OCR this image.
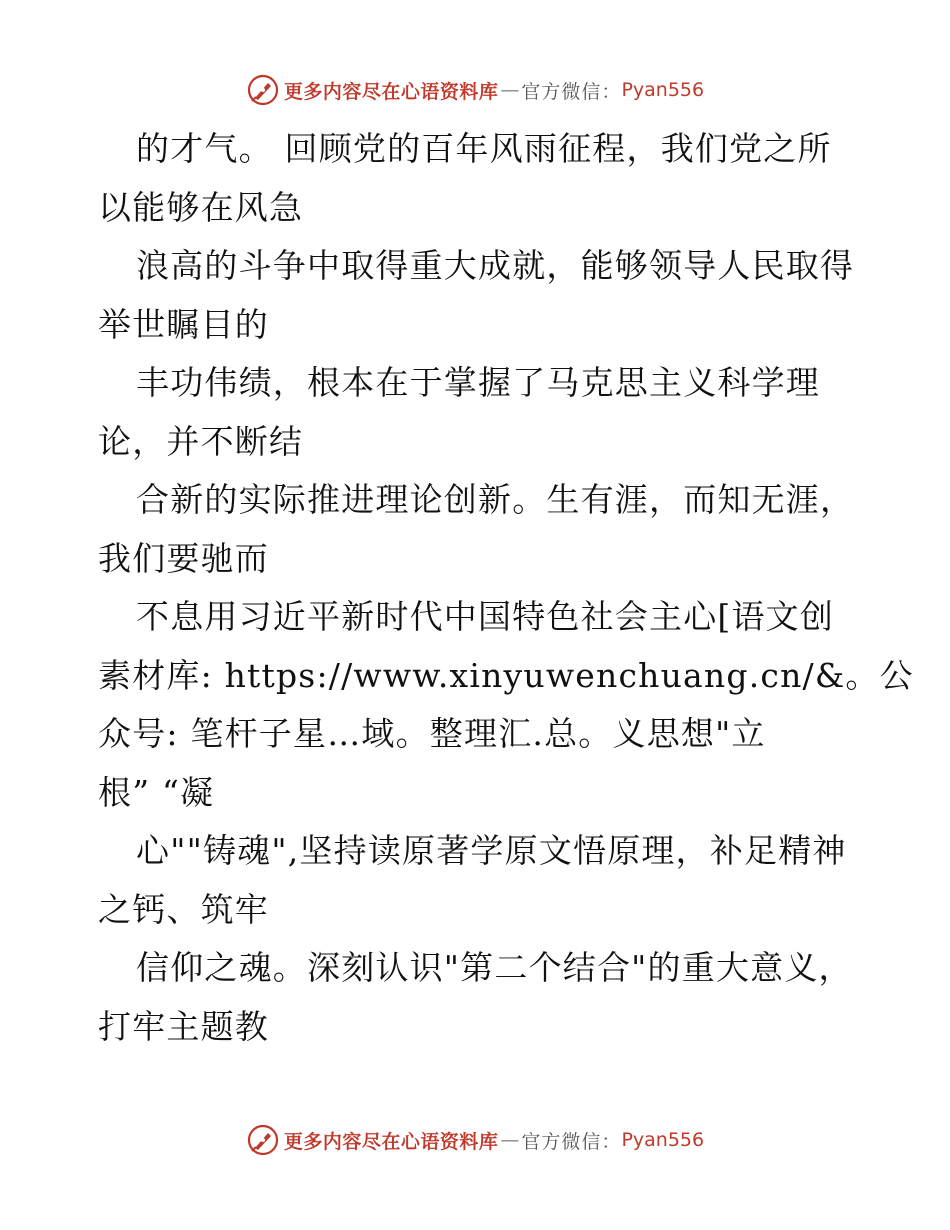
更多内容尽在心语资料库 — 官方微信： Pyan556
的才气。 回顾党的百年风雨征程，我们党之所
以能够在风急
浪高的斗争中取得重大成就，能够领导人民取得
举世瞩目的
丰功伟绩，根本在于掌握了马克思主义科学理
论，并不断结
合新的实际推进理论创新。生有涯，而知无涯，
我们要驰而
不息用习近平新时代中国特色社会主心[语文创
素材库: https://www.xinyuwenchuang.cn/&。公
众号: 笔杆子星…域。整理汇.总。义思想"立
根” “凝
心""铸魂",坚持读原著学原文悟原理，补足精神
之钙、筑牢
信仰之魂。深刻认识"第二个结合"的重大意义，
打牢主题教
更多内容尽在心语资料库 — 官方微信： Pyan556
